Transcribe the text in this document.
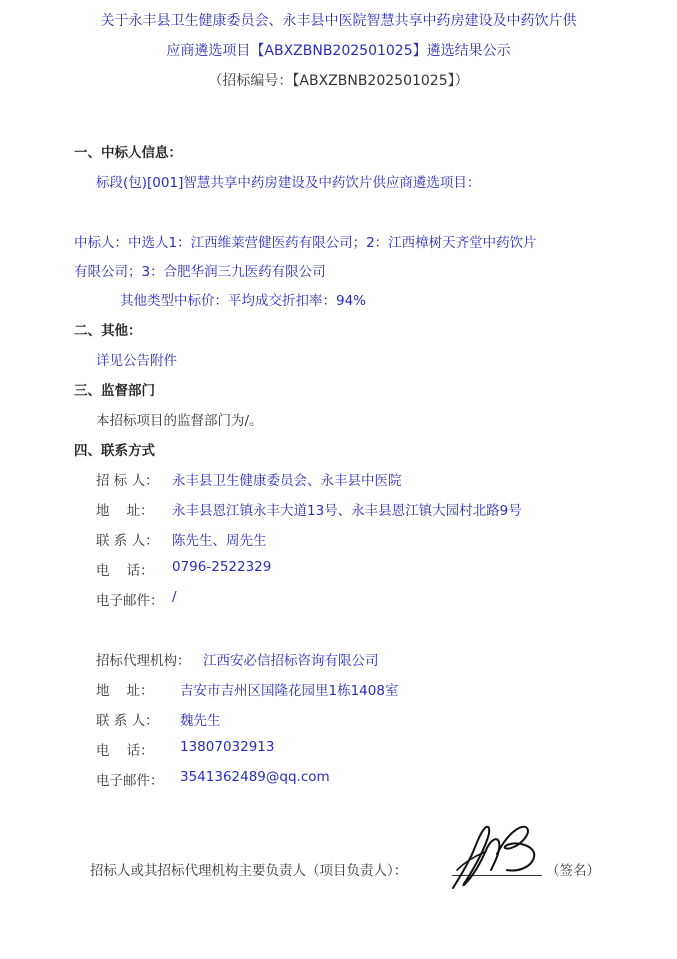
关于永丰县卫生健康委员会、永丰县中医院智慧共享中药房建设及中药饮片供
应商遴选项目【ABXZBNB202501025】遴选结果公示
（招标编号：【ABXZBNB202501025】）
一、中标人信息：
标段(包)[001]智慧共享中药房建设及中药饮片供应商遴选项目：
中标人：中选人1：江西维莱营健医药有限公司；2：江西樟树天齐堂中药饮片
有限公司；3：合肥华润三九医药有限公司
其他类型中标价：平均成交折扣率：94%
二、其他：
详见公告附件
三、监督部门
本招标项目的监督部门为/。
四、联系方式
招 标 人： 永丰县卫生健康委员会、永丰县中医院
地    址： 永丰县恩江镇永丰大道13号、永丰县恩江镇大园村北路9号
联 系 人： 陈先生、周先生
电    话： 0796-2522329
电子邮件： /
招标代理机构： 江西安必信招标咨询有限公司
地    址： 吉安市吉州区国隆花园里1栋1408室
联 系 人： 魏先生
电    话： 13807032913
电子邮件： 3541362489@qq.com
招标人或其招标代理机构主要负责人（项目负责人）：	（签名）
